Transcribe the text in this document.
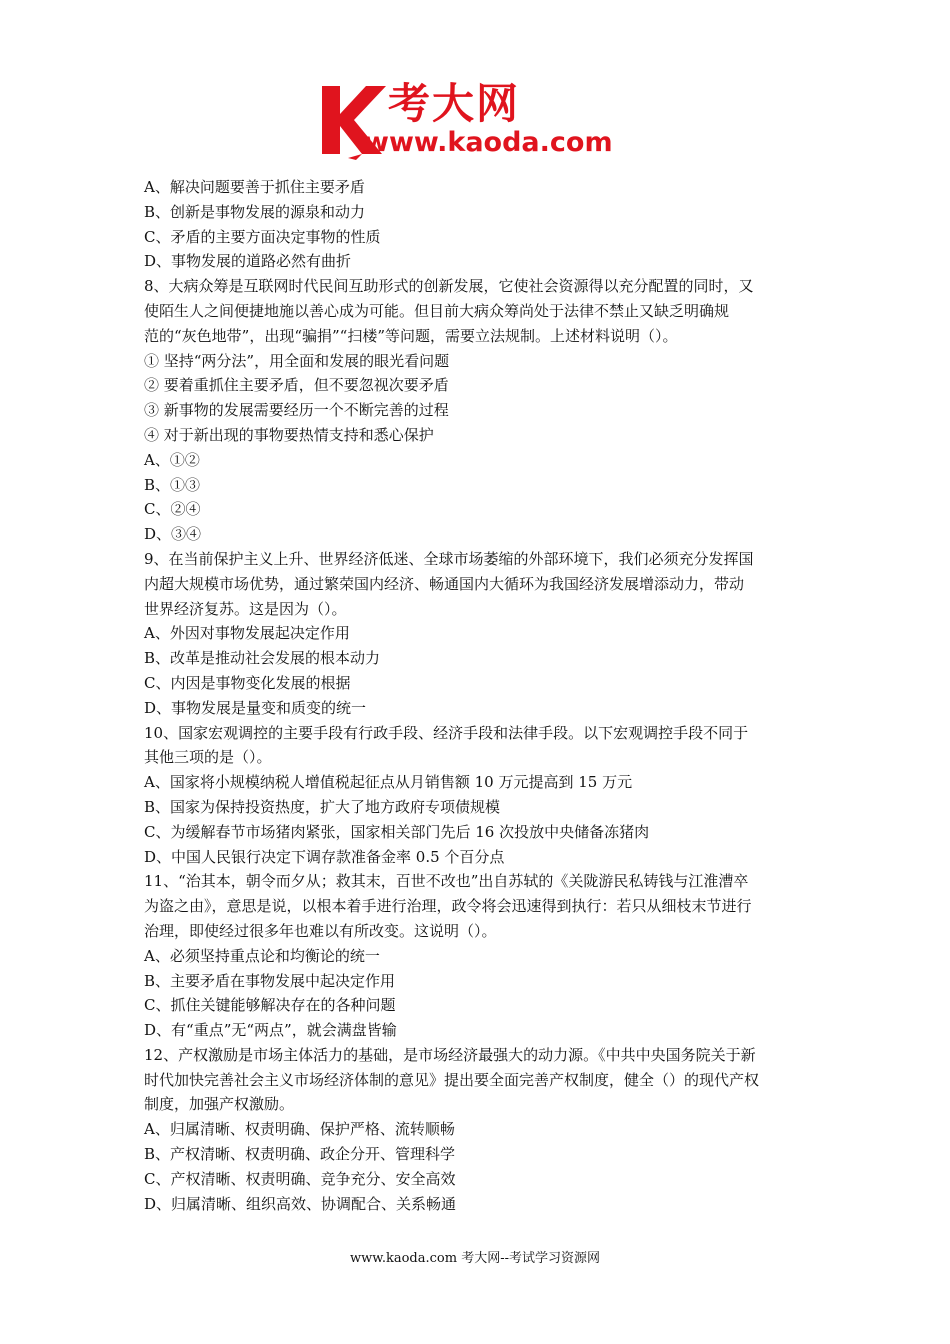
考大网
www.kaoda.com
A、解决问题要善于抓住主要矛盾
B、创新是事物发展的源泉和动力
C、矛盾的主要方面决定事物的性质
D、事物发展的道路必然有曲折
8、大病众筹是互联网时代民间互助形式的创新发展，它使社会资源得以充分配置的同时，又
使陌生人之间便捷地施以善心成为可能。但目前大病众筹尚处于法律不禁止又缺乏明确规
范的“灰色地带”，出现“骗捐”“扫楼”等问题，需要立法规制。上述材料说明（）。
① 坚持“两分法”，用全面和发展的眼光看问题
② 要着重抓住主要矛盾，但不要忽视次要矛盾
③ 新事物的发展需要经历一个不断完善的过程
④ 对于新出现的事物要热情支持和悉心保护
A、①②
B、①③
C、②④
D、③④
9、在当前保护主义上升、世界经济低迷、全球市场萎缩的外部环境下，我们必须充分发挥国
内超大规模市场优势，通过繁荣国内经济、畅通国内大循环为我国经济发展增添动力，带动
世界经济复苏。这是因为（）。
A、外因对事物发展起决定作用
B、改革是推动社会发展的根本动力
C、内因是事物变化发展的根据
D、事物发展是量变和质变的统一
10、国家宏观调控的主要手段有行政手段、经济手段和法律手段。以下宏观调控手段不同于
其他三项的是（）。
A、国家将小规模纳税人增值税起征点从月销售额 10 万元提高到 15 万元
B、国家为保持投资热度，扩大了地方政府专项债规模
C、为缓解春节市场猪肉紧张，国家相关部门先后 16 次投放中央储备冻猪肉
D、中国人民银行决定下调存款准备金率 0.5 个百分点
11、“治其本，朝令而夕从；救其末，百世不改也”出自苏轼的《关陇游民私铸钱与江淮漕卒
为盗之由》，意思是说，以根本着手进行治理，政令将会迅速得到执行：若只从细枝末节进行
治理，即使经过很多年也难以有所改变。这说明（）。
A、必须坚持重点论和均衡论的统一
B、主要矛盾在事物发展中起决定作用
C、抓住关键能够解决存在的各种问题
D、有“重点”无“两点”，就会满盘皆输
12、产权激励是市场主体活力的基础，是市场经济最强大的动力源。《中共中央国务院关于新
时代加快完善社会主义市场经济体制的意见》提出要全面完善产权制度，健全（）的现代产权
制度，加强产权激励。
A、归属清晰、权责明确、保护严格、流转顺畅
B、产权清晰、权责明确、政企分开、管理科学
C、产权清晰、权责明确、竞争充分、安全高效
D、归属清晰、组织高效、协调配合、关系畅通
www.kaoda.com 考大网--考试学习资源网
